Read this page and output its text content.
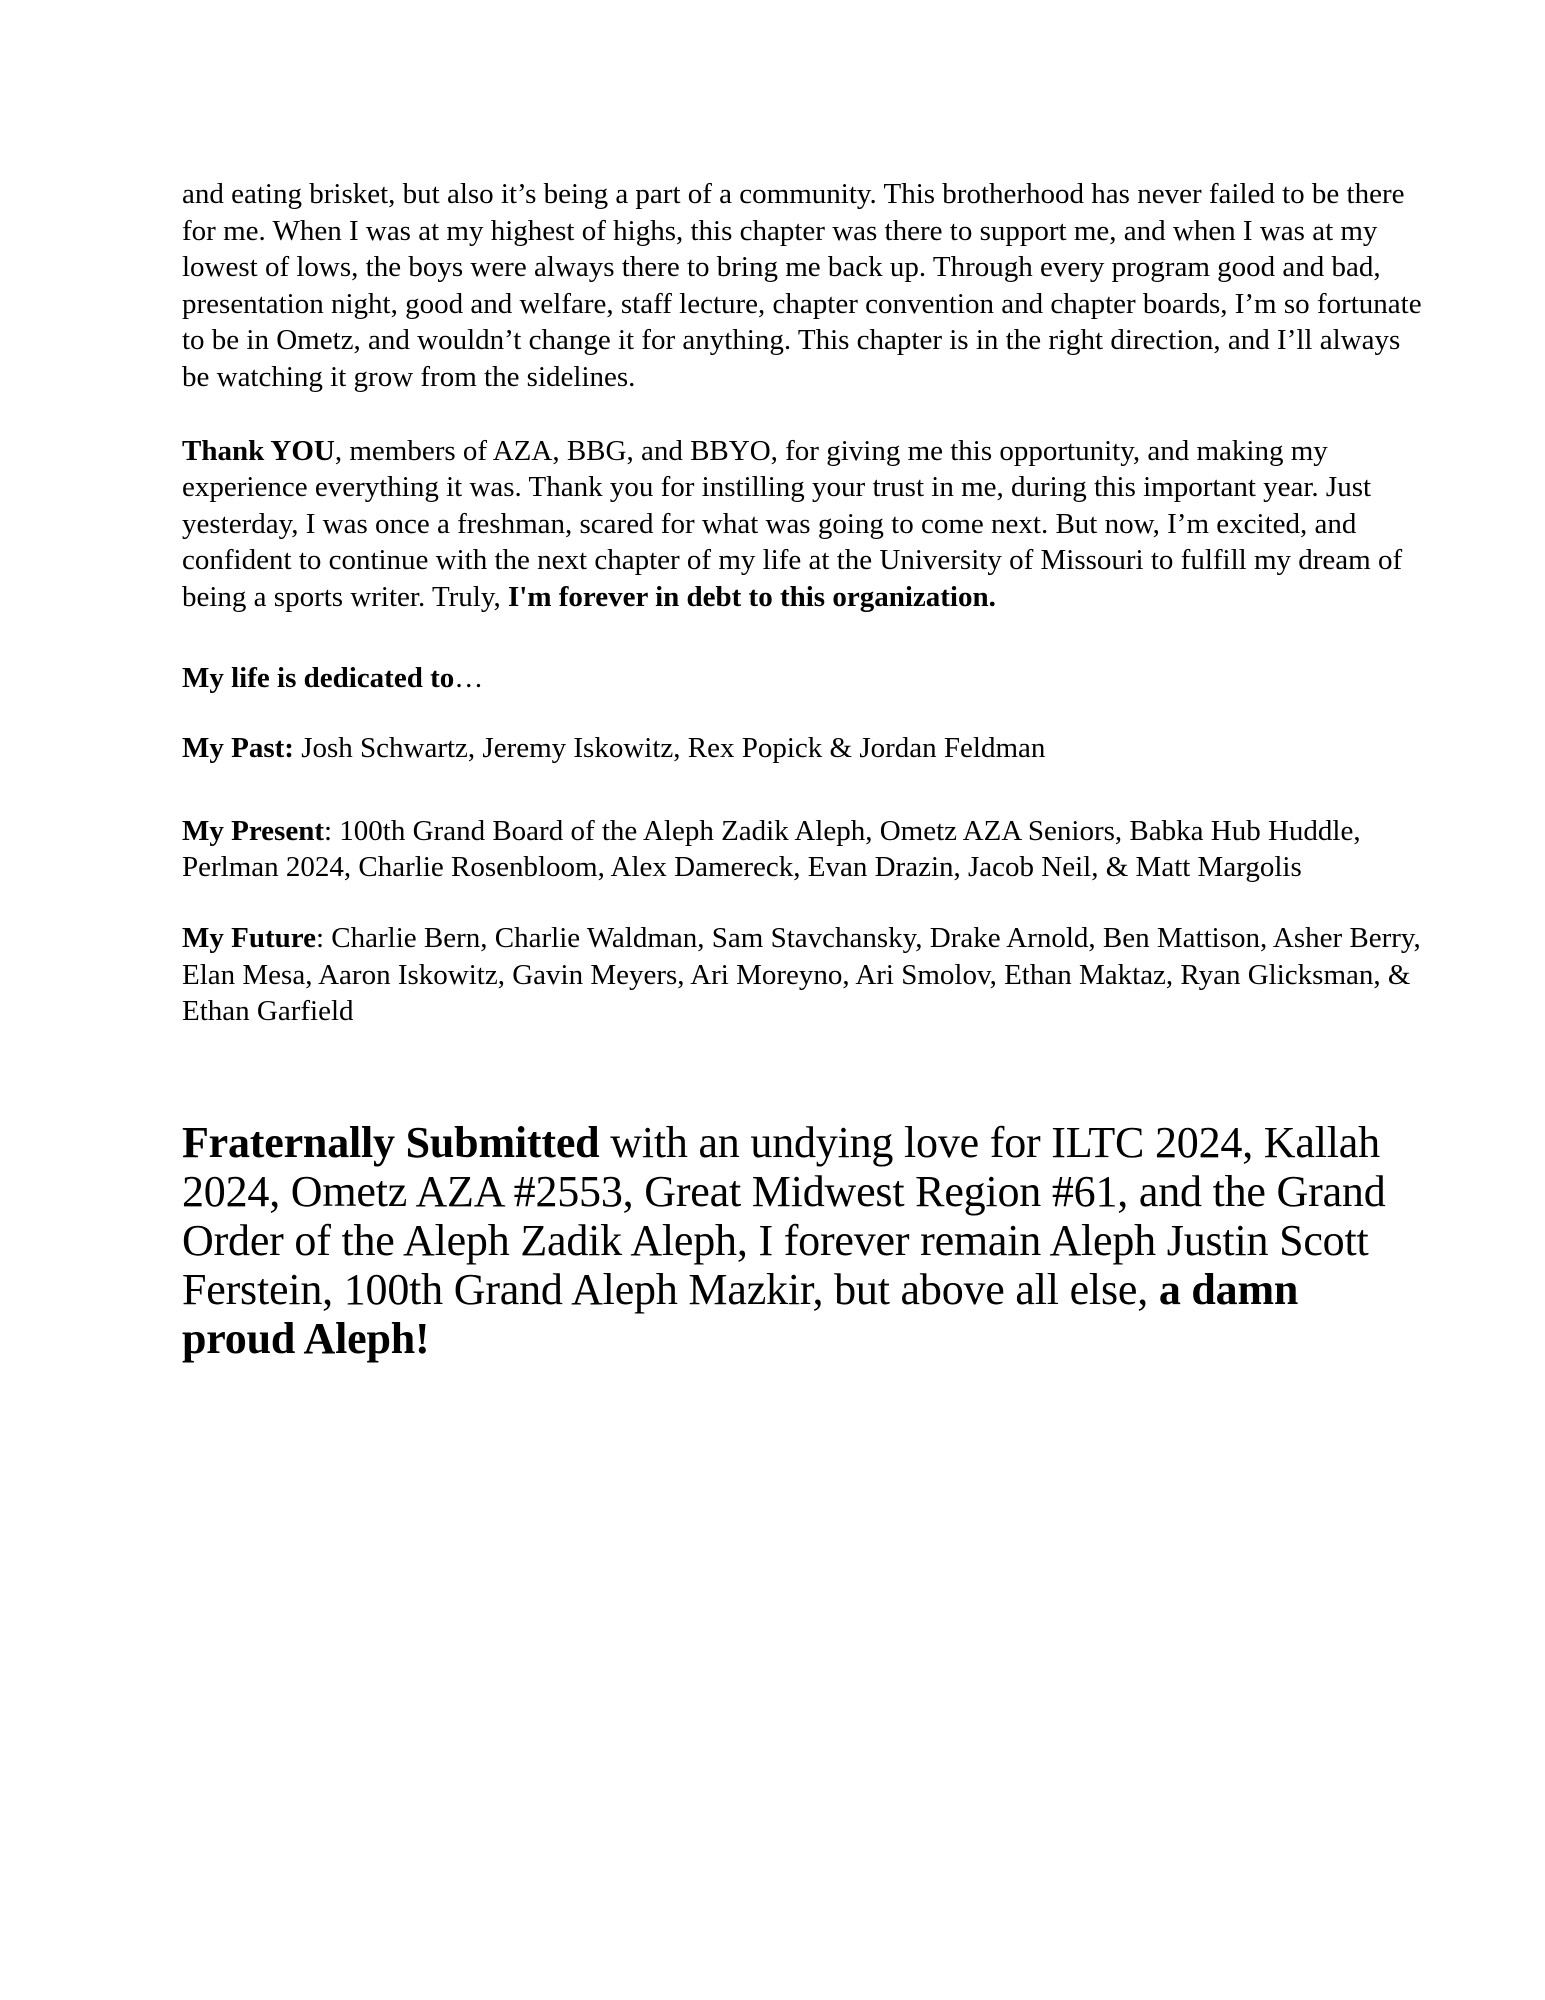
and eating brisket, but also it’s being a part of a community. This brotherhood has never failed to be there for me. When I was at my highest of highs, this chapter was there to support me, and when I was at my lowest of lows, the boys were always there to bring me back up. Through every program good and bad, presentation night, good and welfare, staff lecture, chapter convention and chapter boards, I’m so fortunate to be in Ometz, and wouldn’t change it for anything. This chapter is in the right direction, and I’ll always be watching it grow from the sidelines.

Thank YOU, members of AZA, BBG, and BBYO, for giving me this opportunity, and making my experience everything it was. Thank you for instilling your trust in me, during this important year. Just yesterday, I was once a freshman, scared for what was going to come next. But now, I’m excited, and confident to continue with the next chapter of my life at the University of Missouri to fulfill my dream of being a sports writer. Truly, I'm forever in debt to this organization.

My life is dedicated to…

My Past: Josh Schwartz, Jeremy Iskowitz, Rex Popick & Jordan Feldman

My Present: 100th Grand Board of the Aleph Zadik Aleph, Ometz AZA Seniors, Babka Hub Huddle, Perlman 2024, Charlie Rosenbloom, Alex Damereck, Evan Drazin, Jacob Neil, & Matt Margolis

My Future: Charlie Bern, Charlie Waldman, Sam Stavchansky, Drake Arnold, Ben Mattison, Asher Berry, Elan Mesa, Aaron Iskowitz, Gavin Meyers, Ari Moreyno, Ari Smolov, Ethan Maktaz, Ryan Glicksman, & Ethan Garfield

Fraternally Submitted with an undying love for ILTC 2024, Kallah 2024, Ometz AZA #2553, Great Midwest Region #61, and the Grand Order of the Aleph Zadik Aleph, I forever remain Aleph Justin Scott Ferstein, 100th Grand Aleph Mazkir, but above all else, a damn proud Aleph!
